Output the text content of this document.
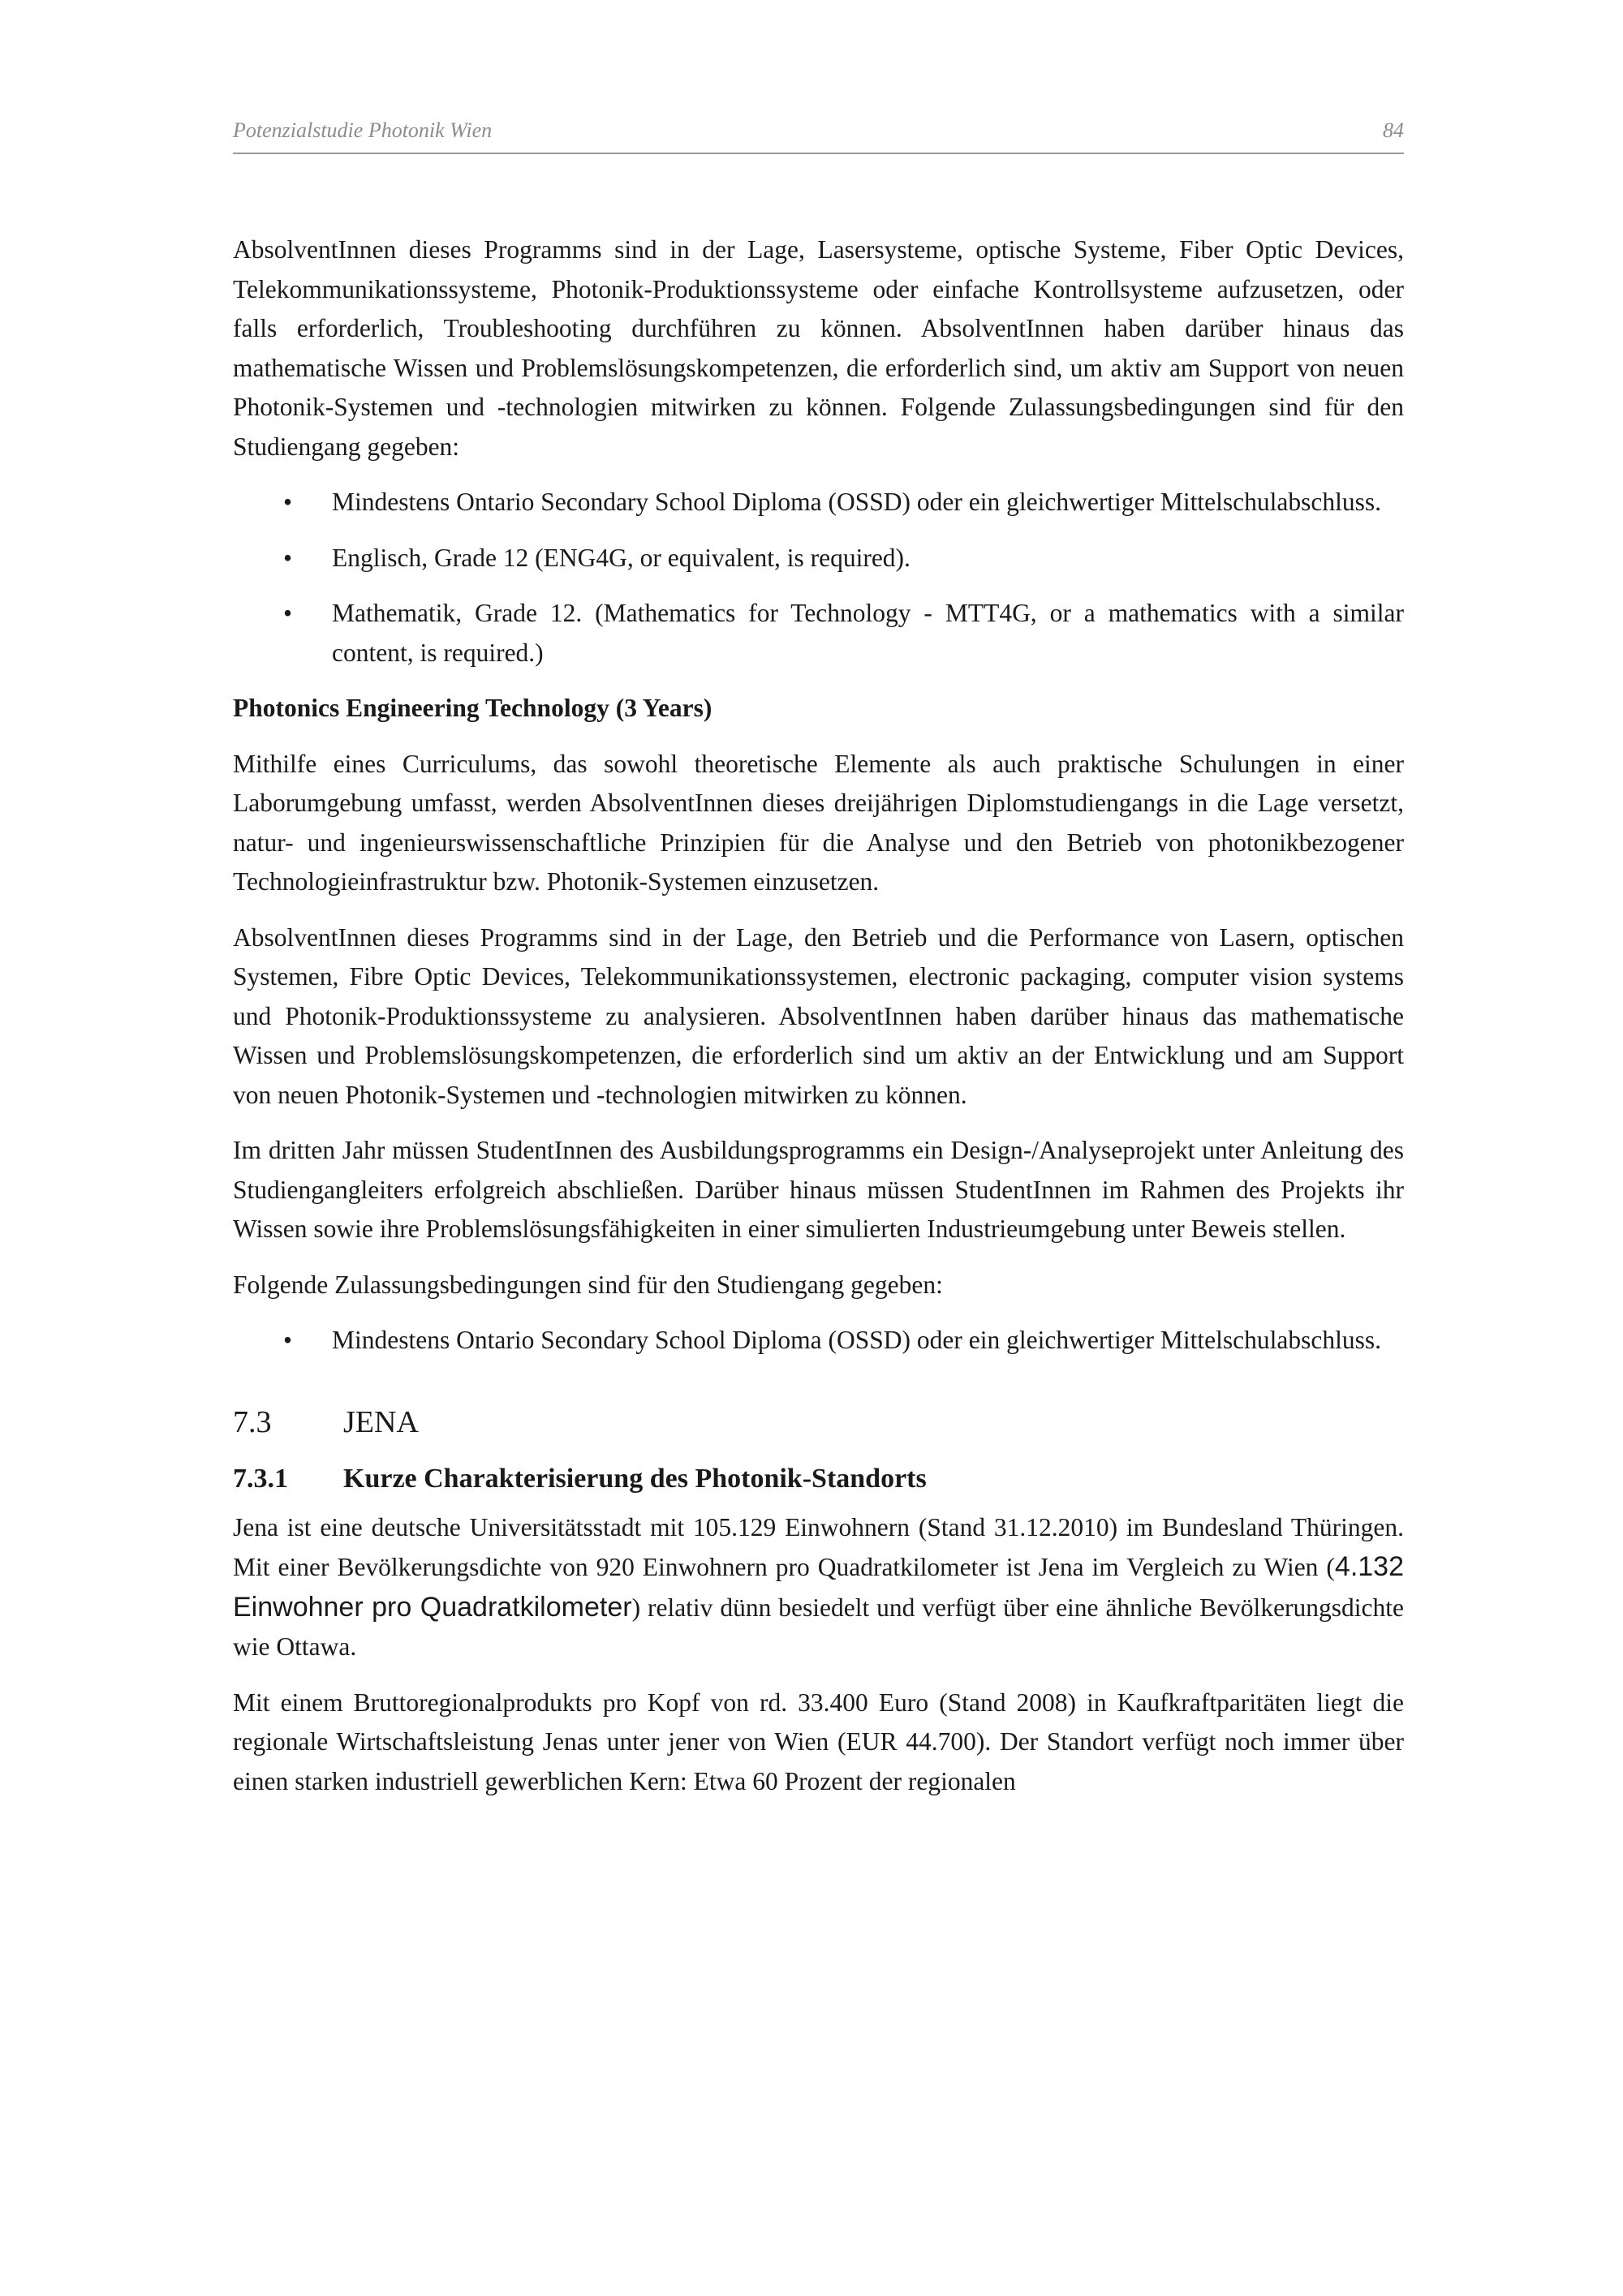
Potenzialstudie Photonik Wien	84

AbsolventInnen dieses Programms sind in der Lage, Lasersysteme, optische Systeme, Fiber Optic Devices, Telekommunikationssysteme, Photonik-Produktionssysteme oder einfache Kontrollsysteme aufzusetzen, oder falls erforderlich, Troubleshooting durchführen zu können. AbsolventInnen haben darüber hinaus das mathematische Wissen und Problemslösungskompetenzen, die erforderlich sind, um aktiv am Support von neuen Photonik-Systemen und -technologien mitwirken zu können. Folgende Zulassungsbedingungen sind für den Studiengang gegeben:

• Mindestens Ontario Secondary School Diploma (OSSD) oder ein gleichwertiger Mittelschulabschluss.
• Englisch, Grade 12 (ENG4G, or equivalent, is required).
• Mathematik, Grade 12. (Mathematics for Technology - MTT4G, or a mathematics with a similar content, is required.)
Photonics Engineering Technology (3 Years)

Mithilfe eines Curriculums, das sowohl theoretische Elemente als auch praktische Schulungen in einer Laborumgebung umfasst, werden AbsolventInnen dieses dreijährigen Diplomstudiengangs in die Lage versetzt, natur- und ingenieurswissenschaftliche Prinzipien für die Analyse und den Betrieb von photonikbezogener Technologieinfrastruktur bzw. Photonik-Systemen einzusetzen.

AbsolventInnen dieses Programms sind in der Lage, den Betrieb und die Performance von Lasern, optischen Systemen, Fibre Optic Devices, Telekommunikationssystemen, electronic packaging, computer vision systems und Photonik-Produktionssysteme zu analysieren. AbsolventInnen haben darüber hinaus das mathematische Wissen und Problemslösungskompetenzen, die erforderlich sind um aktiv an der Entwicklung und am Support von neuen Photonik-Systemen und -technologien mitwirken zu können.

Im dritten Jahr müssen StudentInnen des Ausbildungsprogramms ein Design-/Analyseprojekt unter Anleitung des Studiengangleiters erfolgreich abschließen. Darüber hinaus müssen StudentInnen im Rahmen des Projekts ihr Wissen sowie ihre Problemslösungsfähigkeiten in einer simulierten Industrieumgebung unter Beweis stellen.

Folgende Zulassungsbedingungen sind für den Studiengang gegeben:

• Mindestens Ontario Secondary School Diploma (OSSD) oder ein gleichwertiger Mittelschulabschluss.
7.3	JENA
7.3.1	Kurze Charakterisierung des Photonik-Standorts

Jena ist eine deutsche Universitätsstadt mit 105.129 Einwohnern (Stand 31.12.2010) im Bundesland Thüringen. Mit einer Bevölkerungsdichte von 920 Einwohnern pro Quadratkilometer ist Jena im Vergleich zu Wien (4.132 Einwohner pro Quadratkilometer) relativ dünn besiedelt und verfügt über eine ähnliche Bevölkerungsdichte wie Ottawa.

Mit einem Bruttoregionalprodukts pro Kopf von rd. 33.400 Euro (Stand 2008) in Kaufkraftparitäten liegt die regionale Wirtschaftsleistung Jenas unter jener von Wien (EUR 44.700). Der Standort verfügt noch immer über einen starken industriell gewerblichen Kern: Etwa 60 Prozent der regionalen
